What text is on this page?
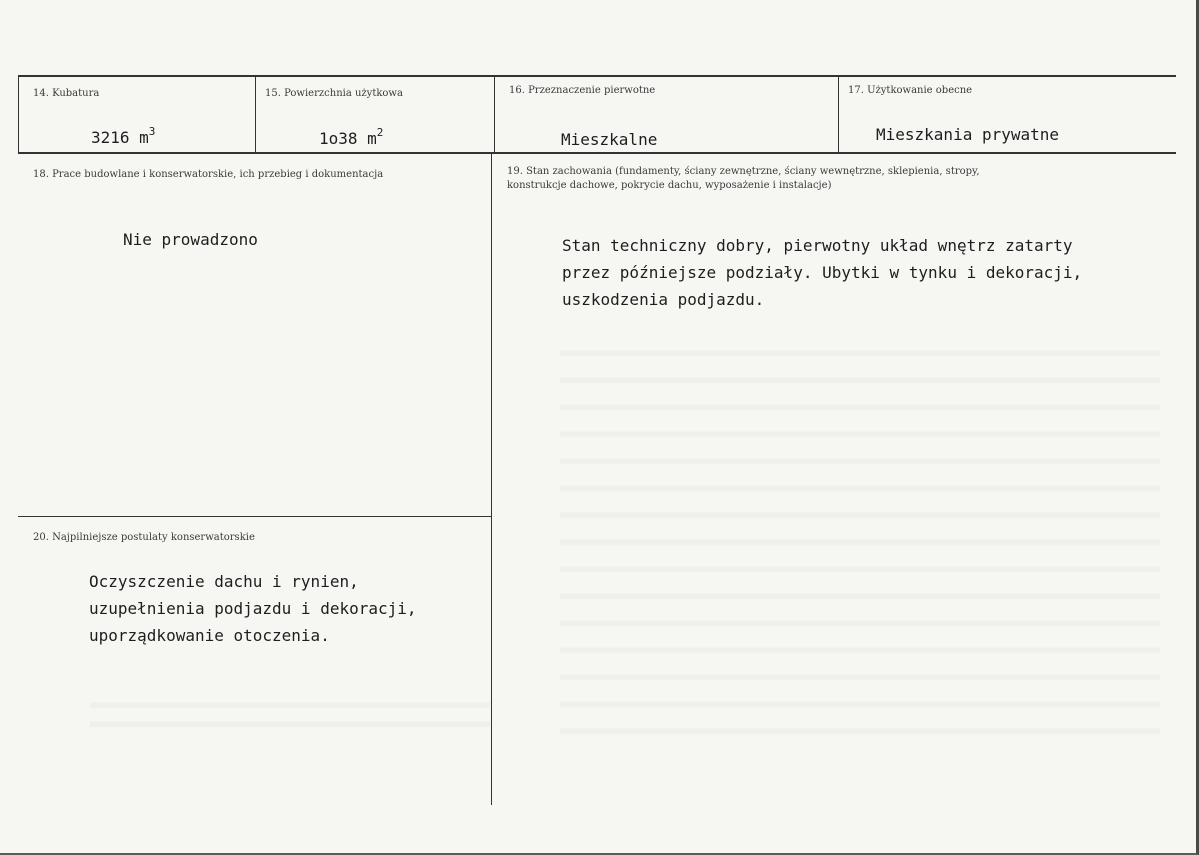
14. Kubatura
3216 $m^3$
15. Powierzchnia użytkowa
1o38 $m^2$
16. Przeznaczenie pierwotne
Mieszkalne
17. Użytkowanie obecne
Mieszkania prywatne
18. Prace budowlane i konserwatorskie, ich przebieg i dokumentacja
Nie prowadzono
19. Stan zachowania (fundamenty, ściany zewnętrzne, ściany wewnętrzne, sklepienia, stropy,
konstrukcje dachowe, pokrycie dachu, wyposażenie i instalacje)
Stan techniczny dobry, pierwotny układ wnętrz zatarty
przez późniejsze podziały. Ubytki w tynku i dekoracji,
uszkodzenia podjazdu.
20. Najpilniejsze postulaty konserwatorskie
Oczyszczenie dachu i rynien,
uzupełnienia podjazdu i dekoracji,
uporządkowanie otoczenia.
